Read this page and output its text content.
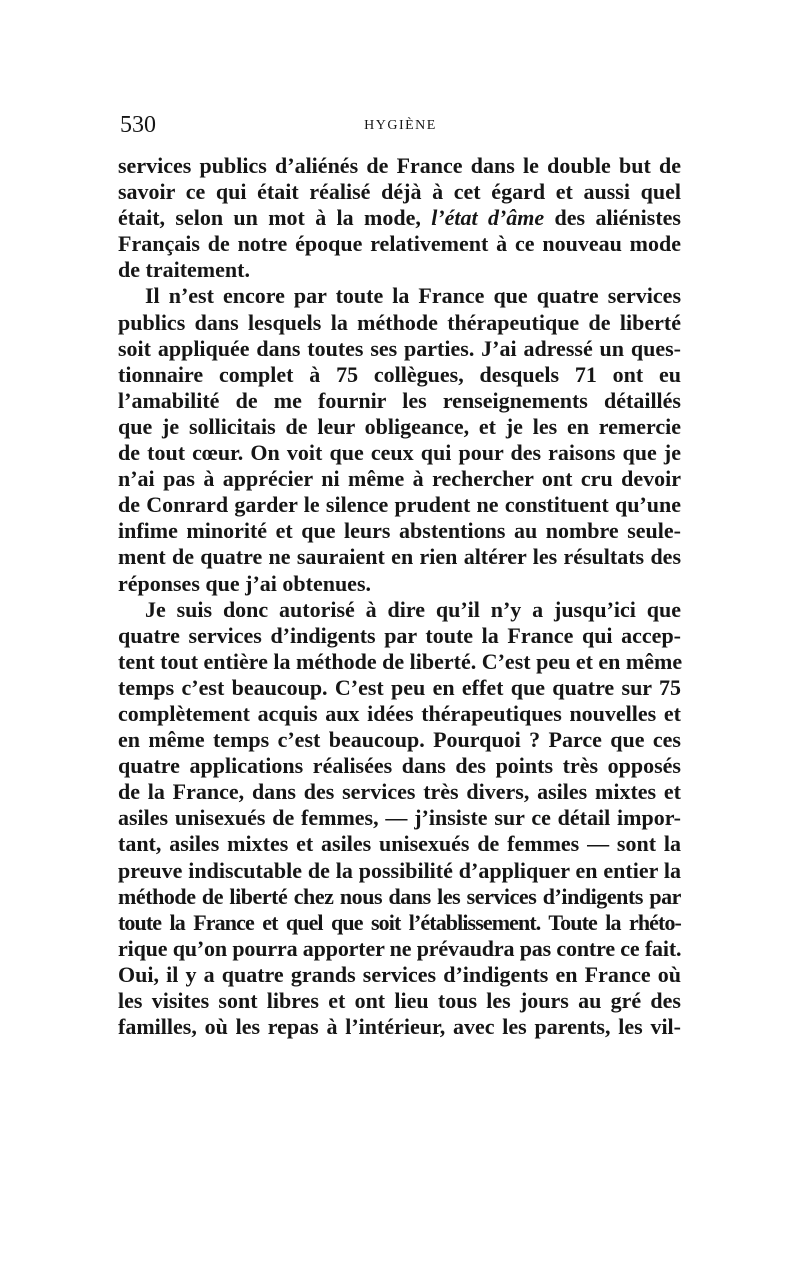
530	HYGIÈNE
services publics d’aliénés de France dans le double but de
savoir ce qui était réalisé déjà à cet égard et aussi quel
était, selon un mot à la mode, l’état d’âme des aliénistes
Français de notre époque relativement à ce nouveau mode
de traitement.
Il n’est encore par toute la France que quatre services
publics dans lesquels la méthode thérapeutique de liberté
soit appliquée dans toutes ses parties. J’ai adressé un ques-
tionnaire complet à 75 collègues, desquels 71 ont eu
l’amabilité de me fournir les renseignements détaillés
que je sollicitais de leur obligeance, et je les en remercie
de tout cœur. On voit que ceux qui pour des raisons que je
n’ai pas à apprécier ni même à rechercher ont cru devoir
de Conrard garder le silence prudent ne constituent qu’une
infime minorité et que leurs abstentions au nombre seule-
ment de quatre ne sauraient en rien altérer les résultats des
réponses que j’ai obtenues.
Je suis donc autorisé à dire qu’il n’y a jusqu’ici que
quatre services d’indigents par toute la France qui accep-
tent tout entière la méthode de liberté. C’est peu et en même
temps c’est beaucoup. C’est peu en effet que quatre sur 75
complètement acquis aux idées thérapeutiques nouvelles et
en même temps c’est beaucoup. Pourquoi ? Parce que ces
quatre applications réalisées dans des points très opposés
de la France, dans des services très divers, asiles mixtes et
asiles unisexués de femmes, — j’insiste sur ce détail impor-
tant, asiles mixtes et asiles unisexués de femmes — sont la
preuve indiscutable de la possibilité d’appliquer en entier la
méthode de liberté chez nous dans les services d’indigents par
toute la France et quel que soit l’établissement. Toute la rhéto-
rique qu’on pourra apporter ne prévaudra pas contre ce fait.
Oui, il y a quatre grands services d’indigents en France où
les visites sont libres et ont lieu tous les jours au gré des
familles, où les repas à l’intérieur, avec les parents, les vil-
